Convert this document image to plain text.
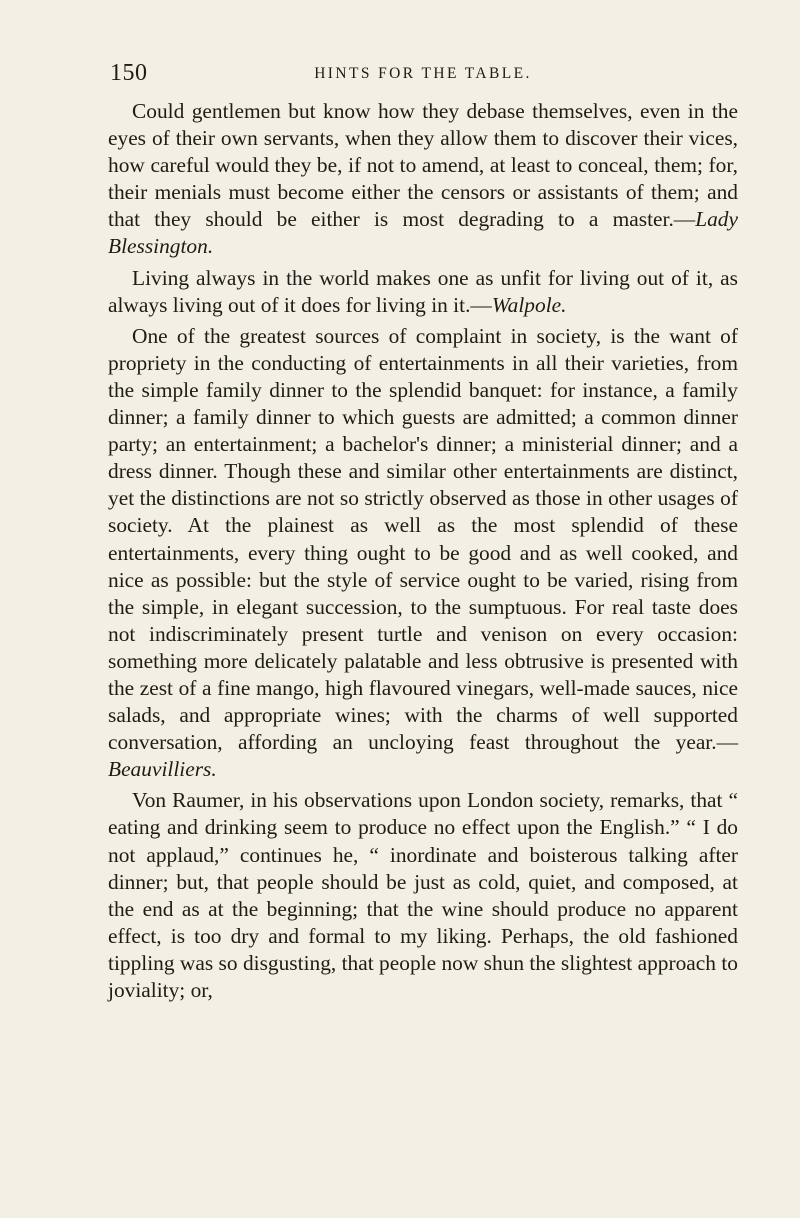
150	HINTS FOR THE TABLE.

Could gentlemen but know how they debase themselves, even in the eyes of their own servants, when they allow them to discover their vices, how careful would they be, if not to amend, at least to conceal, them; for, their menials must become either the censors or assistants of them; and that they should be either is most degrading to a master.—Lady Blessington.

Living always in the world makes one as unfit for living out of it, as always living out of it does for living in it.—Walpole.

One of the greatest sources of complaint in society, is the want of propriety in the conducting of entertainments in all their varieties, from the simple family dinner to the splendid banquet: for instance, a family dinner; a family dinner to which guests are admitted; a common dinner party; an entertainment; a bachelor's dinner; a ministerial dinner; and a dress dinner. Though these and similar other entertainments are distinct, yet the distinctions are not so strictly observed as those in other usages of society. At the plainest as well as the most splendid of these entertainments, every thing ought to be good and as well cooked, and nice as possible: but the style of service ought to be varied, rising from the simple, in elegant succession, to the sumptuous. For real taste does not indiscriminately present turtle and venison on every occasion: something more delicately palatable and less obtrusive is presented with the zest of a fine mango, high flavoured vinegars, well-made sauces, nice salads, and appropriate wines; with the charms of well supported conversation, affording an uncloying feast throughout the year.—Beauvilliers.

Von Raumer, in his observations upon London society, remarks, that “ eating and drinking seem to produce no effect upon the English.” “ I do not applaud,” continues he, “ inordinate and boisterous talking after dinner; but, that people should be just as cold, quiet, and composed, at the end as at the beginning; that the wine should produce no apparent effect, is too dry and formal to my liking. Perhaps, the old fashioned tippling was so disgusting, that people now shun the slightest approach to joviality; or,
